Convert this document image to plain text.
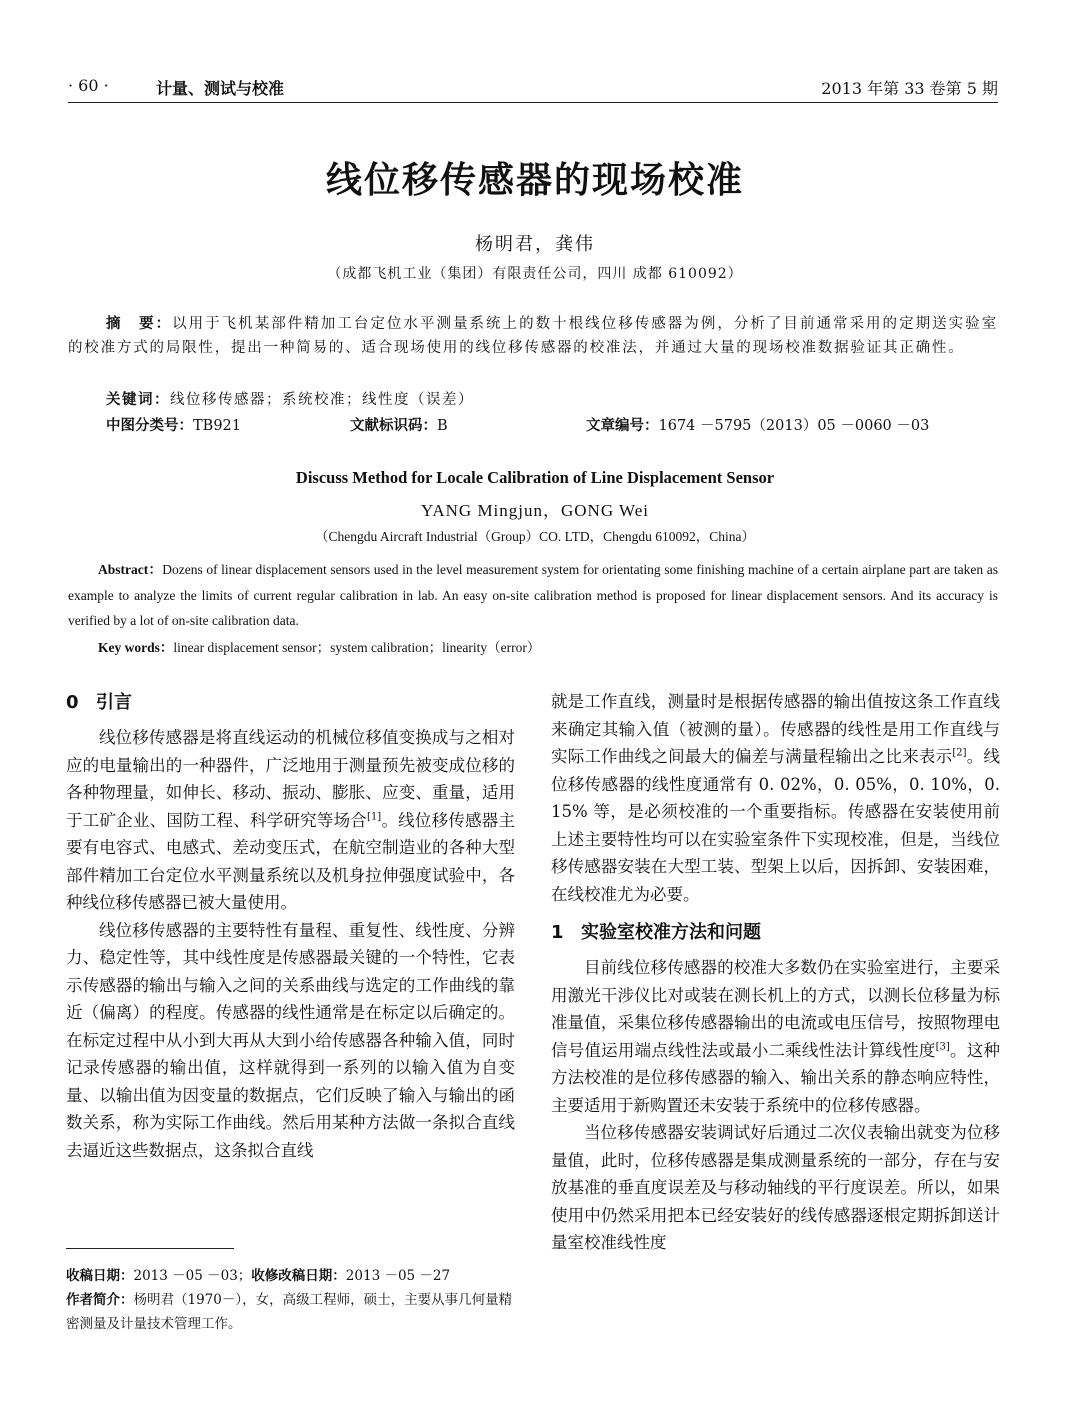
· 60 ·	计量、测试与校准	2013 年第 33 卷第 5 期
线位移传感器的现场校准
杨明君，龚伟
（成都飞机工业（集团）有限责任公司，四川 成都 610092）
摘　要：以用于飞机某部件精加工台定位水平测量系统上的数十根线位移传感器为例，分析了目前通常采用的定期送实验室的校准方式的局限性，提出一种简易的、适合现场使用的线位移传感器的校准法，并通过大量的现场校准数据验证其正确性。
关键词：线位移传感器；系统校准；线性度（误差）
中图分类号：TB921	文献标识码：B	文章编号：1674 －5795（2013）05 －0060 －03
Discuss Method for Locale Calibration of Line Displacement Sensor
YANG Mingjun，GONG Wei
（Chengdu Aircraft Industrial（Group）CO. LTD，Chengdu 610092，China）
Abstract：Dozens of linear displacement sensors used in the level measurement system for orientating some finishing machine of a certain airplane part are taken as example to analyze the limits of current regular calibration in lab. An easy on-site calibration method is proposed for linear displacement sensors. And its accuracy is verified by a lot of on-site calibration data.
Key words：linear displacement sensor；system calibration；linearity（error）
0 引言

线位移传感器是将直线运动的机械位移值变换成与之相对应的电量输出的一种器件，广泛地用于测量预先被变成位移的各种物理量，如伸长、移动、振动、膨胀、应变、重量，适用于工矿企业、国防工程、科学研究等场合[1]。线位移传感器主要有电容式、电感式、差动变压式，在航空制造业的各种大型部件精加工台定位水平测量系统以及机身拉伸强度试验中，各种线位移传感器已被大量使用。

线位移传感器的主要特性有量程、重复性、线性度、分辨力、稳定性等，其中线性度是传感器最关键的一个特性，它表示传感器的输出与输入之间的关系曲线与选定的工作曲线的靠近（偏离）的程度。传感器的线性通常是在标定以后确定的。在标定过程中从小到大再从大到小给传感器各种输入值，同时记录传感器的输出值，这样就得到一系列的以输入值为自变量、以输出值为因变量的数据点，它们反映了输入与输出的函数关系，称为实际工作曲线。然后用某种方法做一条拟合直线去逼近这些数据点，这条拟合直线

就是工作直线，测量时是根据传感器的输出值按这条工作直线来确定其输入值（被测的量）。传感器的线性是用工作直线与实际工作曲线之间最大的偏差与满量程输出之比来表示[2]。线位移传感器的线性度通常有 0. 02%，0. 05%，0. 10%，0. 15% 等，是必须校准的一个重要指标。传感器在安装使用前上述主要特性均可以在实验室条件下实现校准，但是，当线位移传感器安装在大型工装、型架上以后，因拆卸、安装困难，在线校准尤为必要。

1 实验室校准方法和问题

目前线位移传感器的校准大多数仍在实验室进行，主要采用激光干涉仪比对或装在测长机上的方式，以测长位移量为标准量值，采集位移传感器输出的电流或电压信号，按照物理电信号值运用端点线性法或最小二乘线性法计算线性度[3]。这种方法校准的是位移传感器的输入、输出关系的静态响应特性，主要适用于新购置还未安装于系统中的位移传感器。

当位移传感器安装调试好后通过二次仪表输出就变为位移量值，此时，位移传感器是集成测量系统的一部分，存在与安放基准的垂直度误差及与移动轴线的平行度误差。所以，如果使用中仍然采用把本已经安装好的线传感器逐根定期拆卸送计量室校准线性度

收稿日期：2013 －05 －03；收修改稿日期：2013 －05 －27
作者简介：杨明君（1970－），女，高级工程师，硕士，主要从事几何量精密测量及计量技术管理工作。
